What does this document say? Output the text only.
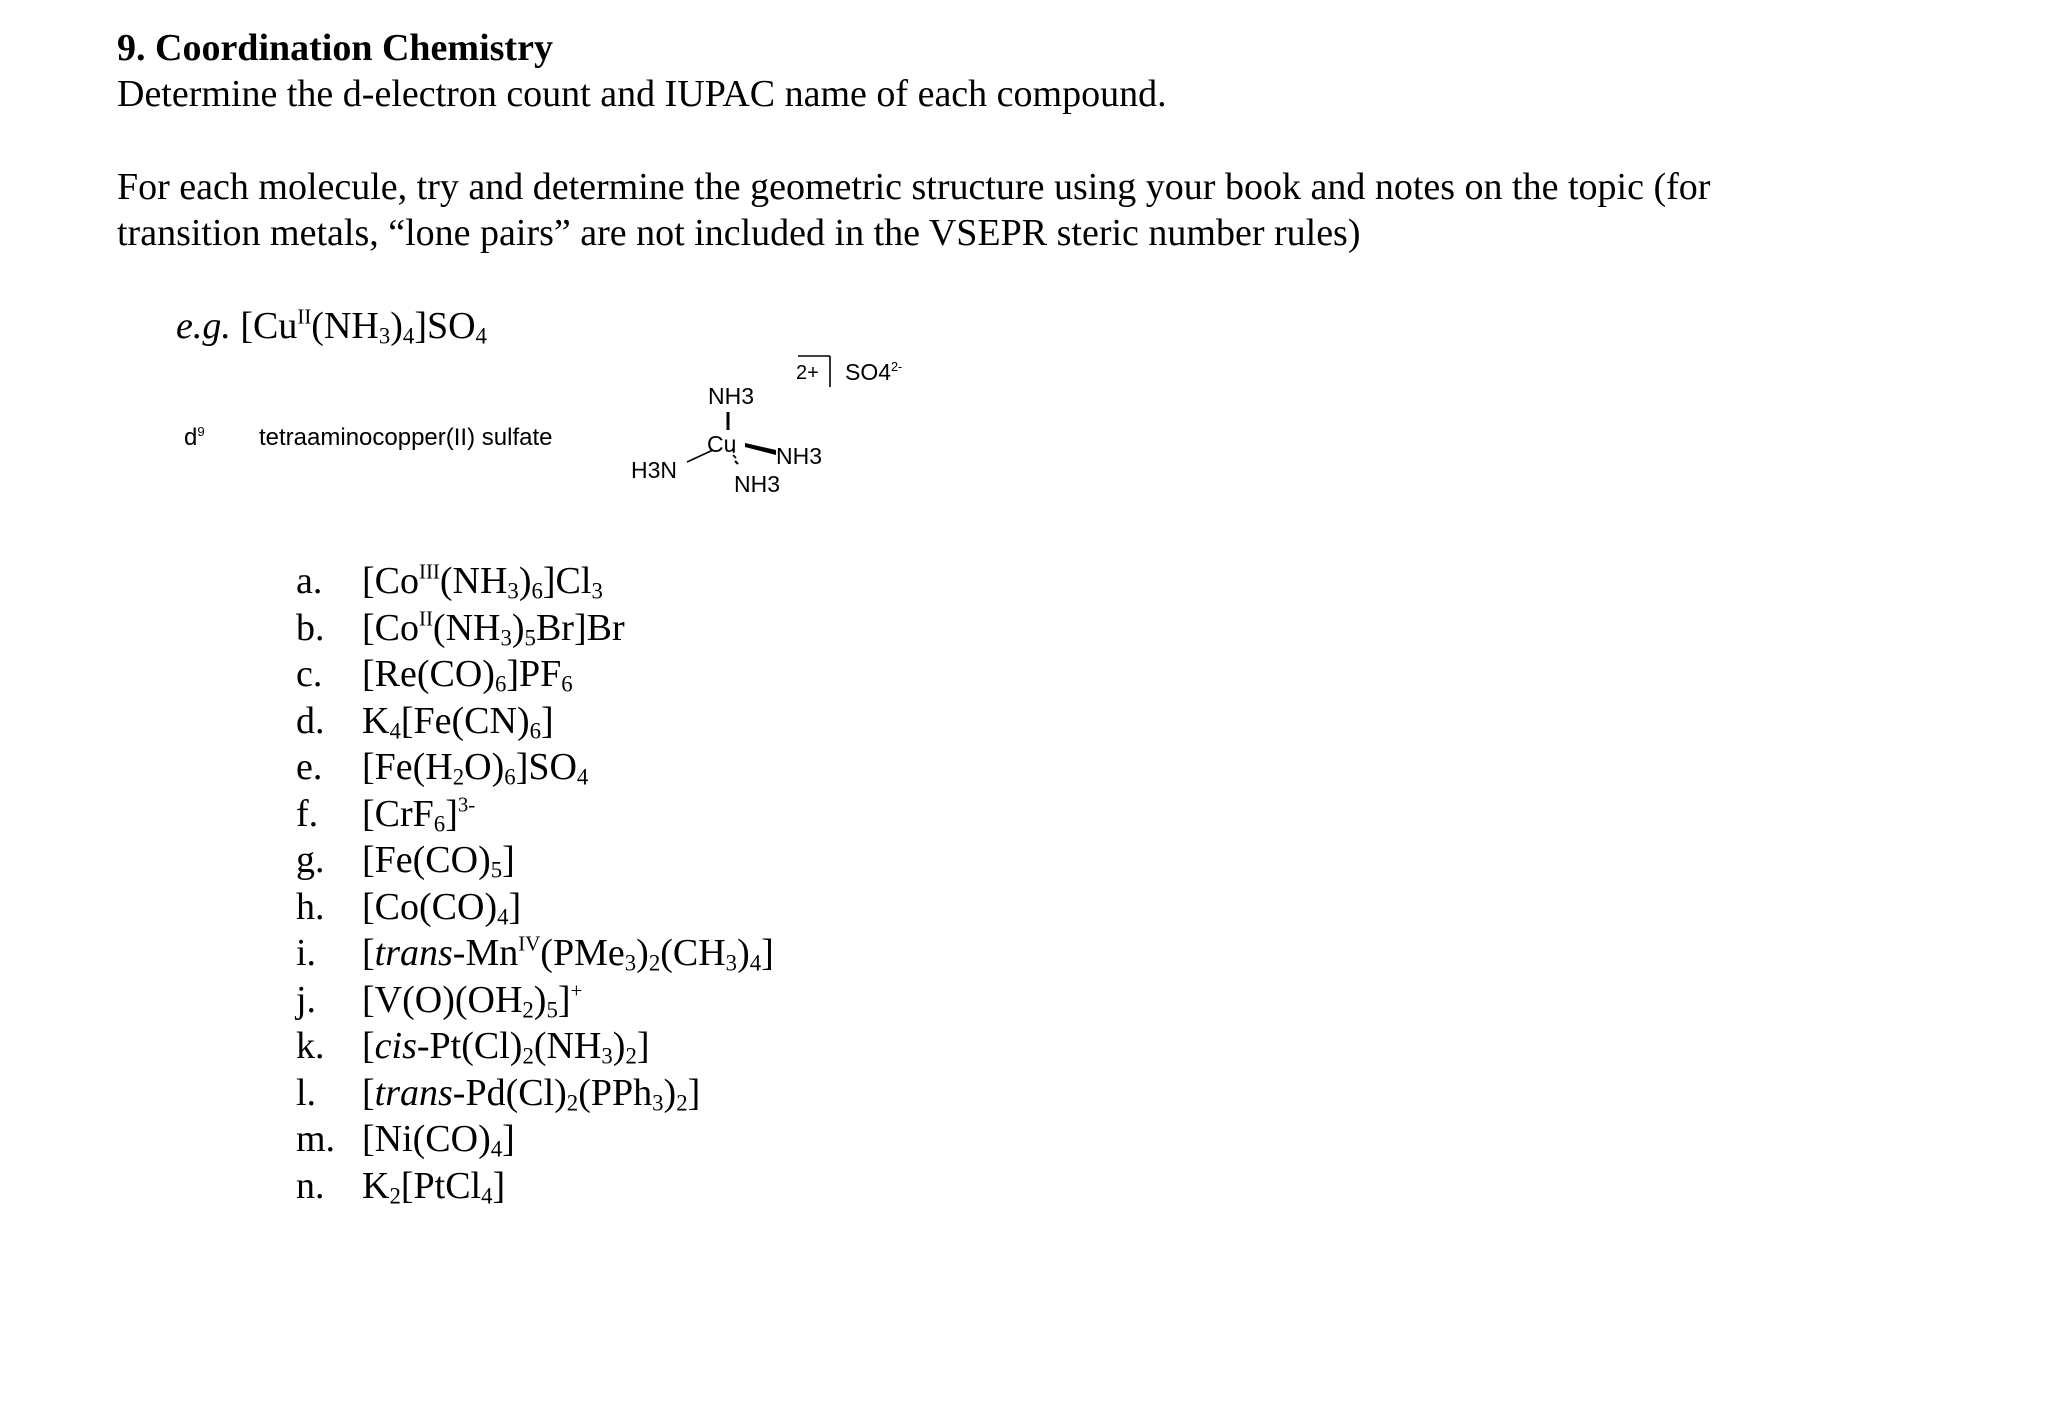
9. Coordination Chemistry
Determine the d-electron count and IUPAC name of each compound.
For each molecule, try and determine the geometric structure using your book and notes on the topic (for
transition metals, “lone pairs” are not included in the VSEPR steric number rules)
e.g. $[Cu^{II}(NH_3)_4]SO_4$
$d^9$ tetraaminocopper(II) sulfate
NH3
Cu
H3N
NH3
NH3
$2+ SO4^{2-}$
a. $[Co^{III}(NH_3)_6]Cl_3$
b. $[Co^{II}(NH_3)_5Br]Br$
c. $[Re(CO)_6]PF_6$
d. $K_4[Fe(CN)_6]$
e. $[Fe(H_2O)_6]SO_4$
f. $[CrF_6]^{3-}$
g. $[Fe(CO)_5]$
h. $[Co(CO)_4]$
i. $[trans-Mn^{IV}(PMe_3)_2(CH_3)_4]$
j. $[V(O)(OH_2)_5]^+$
k. $[cis-Pt(Cl)_2(NH_3)_2]$
l. $[trans-Pd(Cl)_2(PPh_3)_2]$
m. $[Ni(CO)_4]$
n. $K_2[PtCl_4]$
